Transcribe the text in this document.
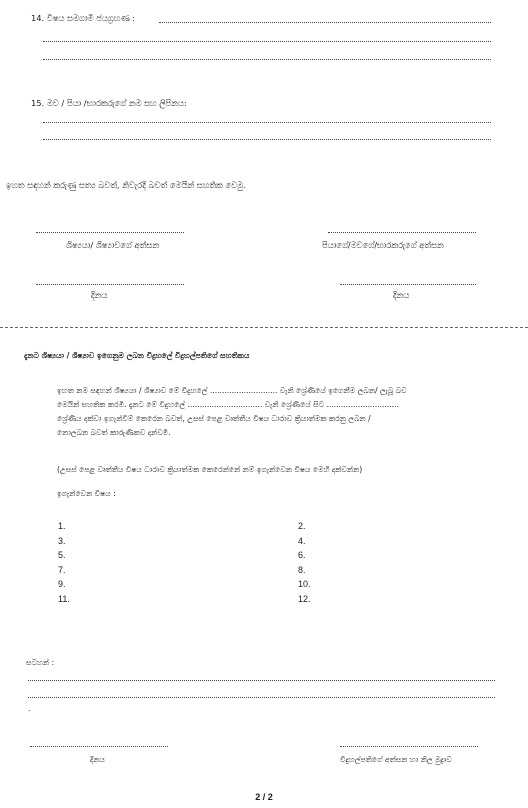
14. විෂය සමගාමී ජයග්‍රහණ :
15. මව / පියා /භාරකරුගේ නම සහ ලිපිනය:
ඉහත සඳහන් කරුණු සත්‍ය බවත්, නිවැරදි බවත් මෙයින් සහතික වෙමු.
ශිෂ්‍යයා/ ශිෂ්‍යාවගේ අත්සන	පියාගේ/මවගේ/භාරකරුගේ අත්සන
දිනය	දිනය
දැනට ශිෂ්‍යයා / ශිෂ්‍යාව ඉගෙනුම ලබන විදුහලේ විදුහල්පතිගේ සහතිකය
ඉහත නම සඳහන් ශිෂ්‍යයා / ශිෂ්‍යාව මේ විදුහලේ ............................ වැනි ශ්‍රේණියේ ඉගෙනීම ලබන/ ලැබූ බව
මෙයින් සහතික කරමි. දැනට මේ විදුහලේ ............................... වැනි ශ්‍රේණියේ සිට ..............................
ශ්‍රේණිය දක්වා ඉගැන්වීම් කෙරෙන බවත්, උසස් පෙළ වෘත්තීය විෂය ධාරාව ක්‍රියාත්මක කරනු ලබන /
නොලබන බවත් කාරුණිකව දන්වමි.
(උසස් පෙළ වෘත්තීය විෂය ධාරාව ක්‍රියාත්මක කෙරෙන්නේ නම් ඉගැන්වෙන විෂය මෙහි දක්වන්න)
ඉගැන්වෙන විෂය :
1.
3.
5.
7.
9.
11.
2.
4.
6.
8.
10.
12.
සටහන් :
.
දිනය	විදුහල්පතිගේ අත්සන හා නිල මුද්‍රාව
2 / 2
